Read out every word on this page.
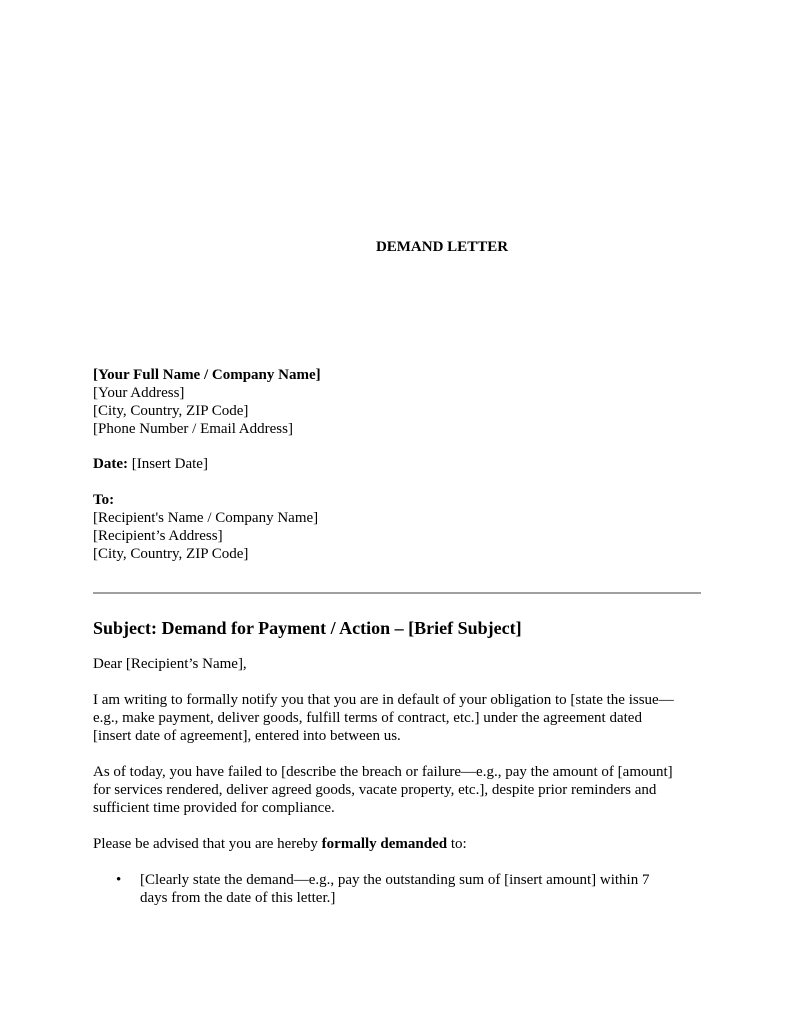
DEMAND LETTER
[Your Full Name / Company Name]
[Your Address]
[City, Country, ZIP Code]
[Phone Number / Email Address]
Date: [Insert Date]
To:
[Recipient's Name / Company Name]
[Recipient’s Address]
[City, Country, ZIP Code]
Subject: Demand for Payment / Action – [Brief Subject]
Dear [Recipient’s Name],
I am writing to formally notify you that you are in default of your obligation to [state the issue—
e.g., make payment, deliver goods, fulfill terms of contract, etc.] under the agreement dated
[insert date of agreement], entered into between us.
As of today, you have failed to [describe the breach or failure—e.g., pay the amount of [amount]
for services rendered, deliver agreed goods, vacate property, etc.], despite prior reminders and
sufficient time provided for compliance.
Please be advised that you are hereby formally demanded to:
• [Clearly state the demand—e.g., pay the outstanding sum of [insert amount] within 7
days from the date of this letter.]
